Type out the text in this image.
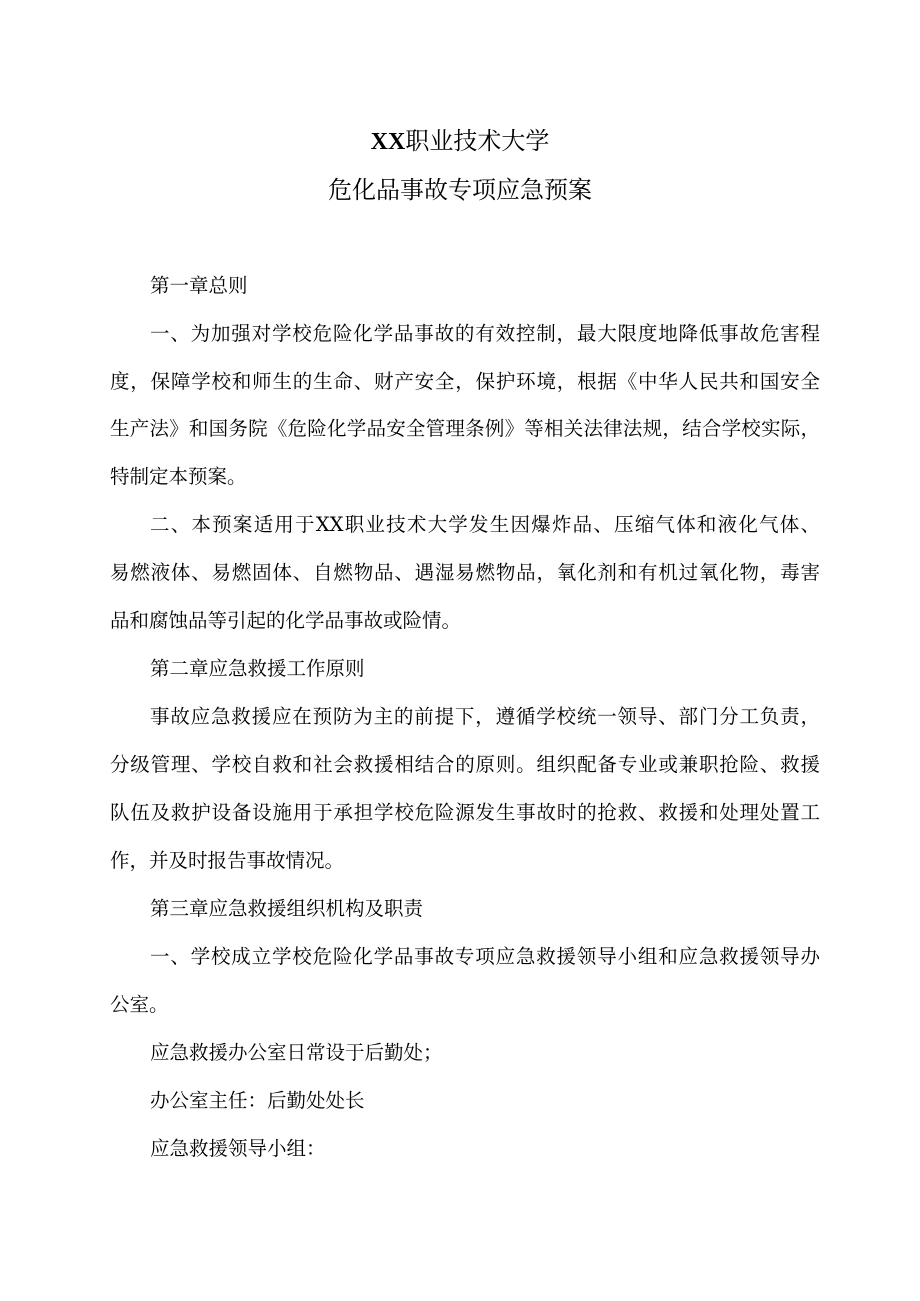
XX职业技术大学
危化品事故专项应急预案
第一章总则
一、为加强对学校危险化学品事故的有效控制，最大限度地降低事故危害程
度，保障学校和师生的生命、财产安全，保护环境，根据《中华人民共和国安全
生产法》和国务院《危险化学品安全管理条例》等相关法律法规，结合学校实际，
特制定本预案。
二、本预案适用于XX职业技术大学发生因爆炸品、压缩气体和液化气体、
易燃液体、易燃固体、自燃物品、遇湿易燃物品，氧化剂和有机过氧化物，毒害
品和腐蚀品等引起的化学品事故或险情。
第二章应急救援工作原则
事故应急救援应在预防为主的前提下，遵循学校统一领导、部门分工负责，
分级管理、学校自救和社会救援相结合的原则。组织配备专业或兼职抢险、救援
队伍及救护设备设施用于承担学校危险源发生事故时的抢救、救援和处理处置工
作，并及时报告事故情况。
第三章应急救援组织机构及职责
一、学校成立学校危险化学品事故专项应急救援领导小组和应急救援领导办
公室。
应急救援办公室日常设于后勤处；
办公室主任：后勤处处长
应急救援领导小组：
